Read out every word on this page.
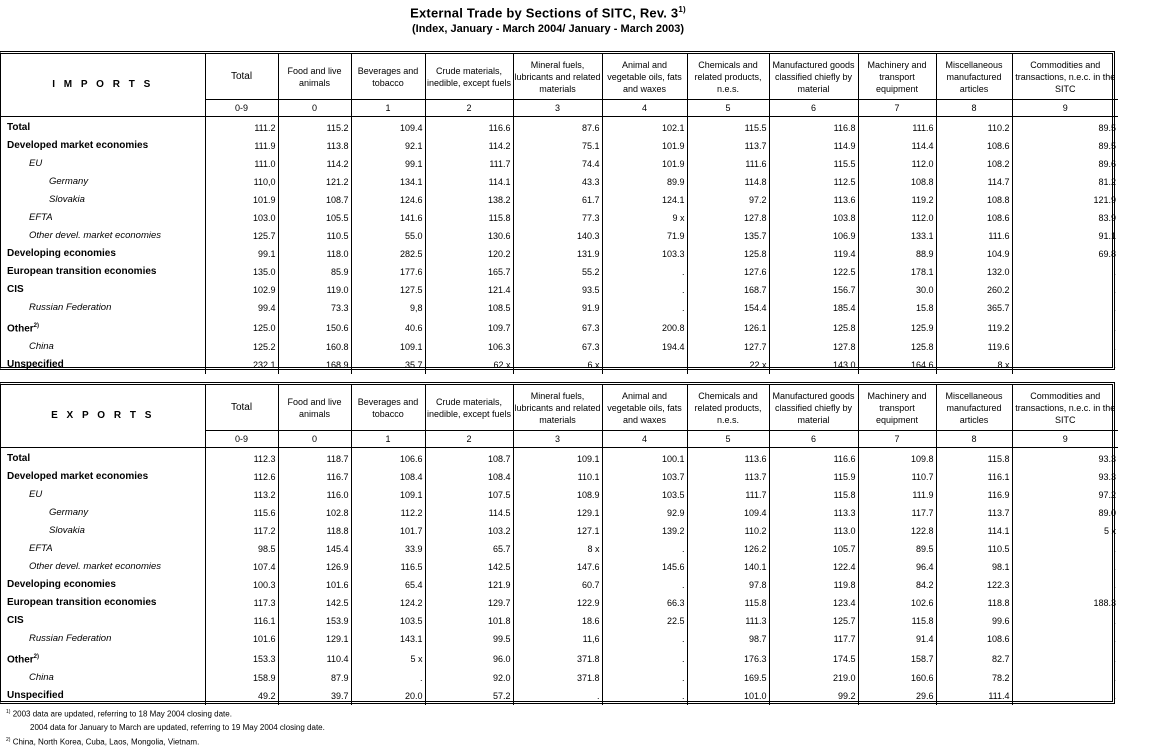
External Trade by Sections of SITC, Rev. 3$^{1)}$
(Index, January - March 2004/ January - March 2003)
I M P O R T S	Total	Food and live animals	Beverages and tobacco	Crude materials, inedible, except fuels	Mineral fuels, lubricants and related materials	Animal and vegetable oils, fats and waxes	Chemicals and related products, n.e.s.	Manufactured goods classified chiefly by material	Machinery and transport equipment	Miscellaneous manufactured articles	Commodities and transactions, n.e.c. in the SITC
	0-9	0	1	2	3	4	5	6	7	8	9
Total	111.2	115.2	109.4	116.6	87.6	102.1	115.5	116.8	111.6	110.2	89.5
Developed market economies	111.9	113.8	92.1	114.2	75.1	101.9	113.7	114.9	114.4	108.6	89.5
EU	111.0	114.2	99.1	111.7	74.4	101.9	111.6	115.5	112.0	108.2	89.6
Germany	110,0	121.2	134.1	114.1	43.3	89.9	114.8	112.5	108.8	114.7	81.2
Slovakia	101.9	108.7	124.6	138.2	61.7	124.1	97.2	113.6	119.2	108.8	121.9
EFTA	103.0	105.5	141.6	115.8	77.3	9 x	127.8	103.8	112.0	108.6	83.9
Other devel. market economies	125.7	110.5	55.0	130.6	140.3	71.9	135.7	106.9	133.1	111.6	91.1
Developing economies	99.1	118.0	282.5	120.2	131.9	103.3	125.8	119.4	88.9	104.9	69.8
European transition economies	135.0	85.9	177.6	165.7	55.2	.	127.6	122.5	178.1	132.0	.
CIS	102.9	119.0	127.5	121.4	93.5	.	168.7	156.7	30.0	260.2	.
Russian Federation	99.4	73.3	9,8	108.5	91.9	.	154.4	185.4	15.8	365.7	.
Other$^{2)}$	125.0	150.6	40.6	109.7	67.3	200.8	126.1	125.8	125.9	119.2	.
China	125.2	160.8	109.1	106.3	67.3	194.4	127.7	127.8	125.8	119.6	.
Unspecified	232.1	168.9	35.7	62 x	6 x	.	22 x	143.0	164.6	8 x	.
E X P O R T S	Total	Food and live animals	Beverages and tobacco	Crude materials, inedible, except fuels	Mineral fuels, lubricants and related materials	Animal and vegetable oils, fats and waxes	Chemicals and related products, n.e.s.	Manufactured goods classified chiefly by material	Machinery and transport equipment	Miscellaneous manufactured articles	Commodities and transactions, n.e.c. in the SITC
	0-9	0	1	2	3	4	5	6	7	8	9
Total	112.3	118.7	106.6	108.7	109.1	100.1	113.6	116.6	109.8	115.8	93.3
Developed market economies	112.6	116.7	108.4	108.4	110.1	103.7	113.7	115.9	110.7	116.1	93.3
EU	113.2	116.0	109.1	107.5	108.9	103.5	111.7	115.8	111.9	116.9	97.2
Germany	115.6	102.8	112.2	114.5	129.1	92.9	109.4	113.3	117.7	113.7	89.0
Slovakia	117.2	118.8	101.7	103.2	127.1	139.2	110.2	113.0	122.8	114.1	5 x
EFTA	98.5	145.4	33.9	65.7	8 x	.	126.2	105.7	89.5	110.5	.
Other devel. market economies	107.4	126.9	116.5	142.5	147.6	145.6	140.1	122.4	96.4	98.1	.
Developing economies	100.3	101.6	65.4	121.9	60.7	.	97.8	119.8	84.2	122.3	.
European transition economies	117.3	142.5	124.2	129.7	122.9	66.3	115.8	123.4	102.6	118.8	188.3
CIS	116.1	153.9	103.5	101.8	18.6	22.5	111.3	125.7	115.8	99.6	.
Russian Federation	101.6	129.1	143.1	99.5	11,6	.	98.7	117.7	91.4	108.6	.
Other$^{2)}$	153.3	110.4	5 x	96.0	371.8	.	176.3	174.5	158.7	82.7	.
China	158.9	87.9	.	92.0	371.8	.	169.5	219.0	160.6	78.2	.
Unspecified	49.2	39.7	20.0	57.2	.	.	101.0	99.2	29.6	111.4	.
$^{1)}$ 2003 data are updated, referring to 18 May 2004 closing date.
2004 data for January to March are updated, referring to 19 May 2004 closing date.
$^{2)}$ China, North Korea, Cuba, Laos, Mongolia, Vietnam.
